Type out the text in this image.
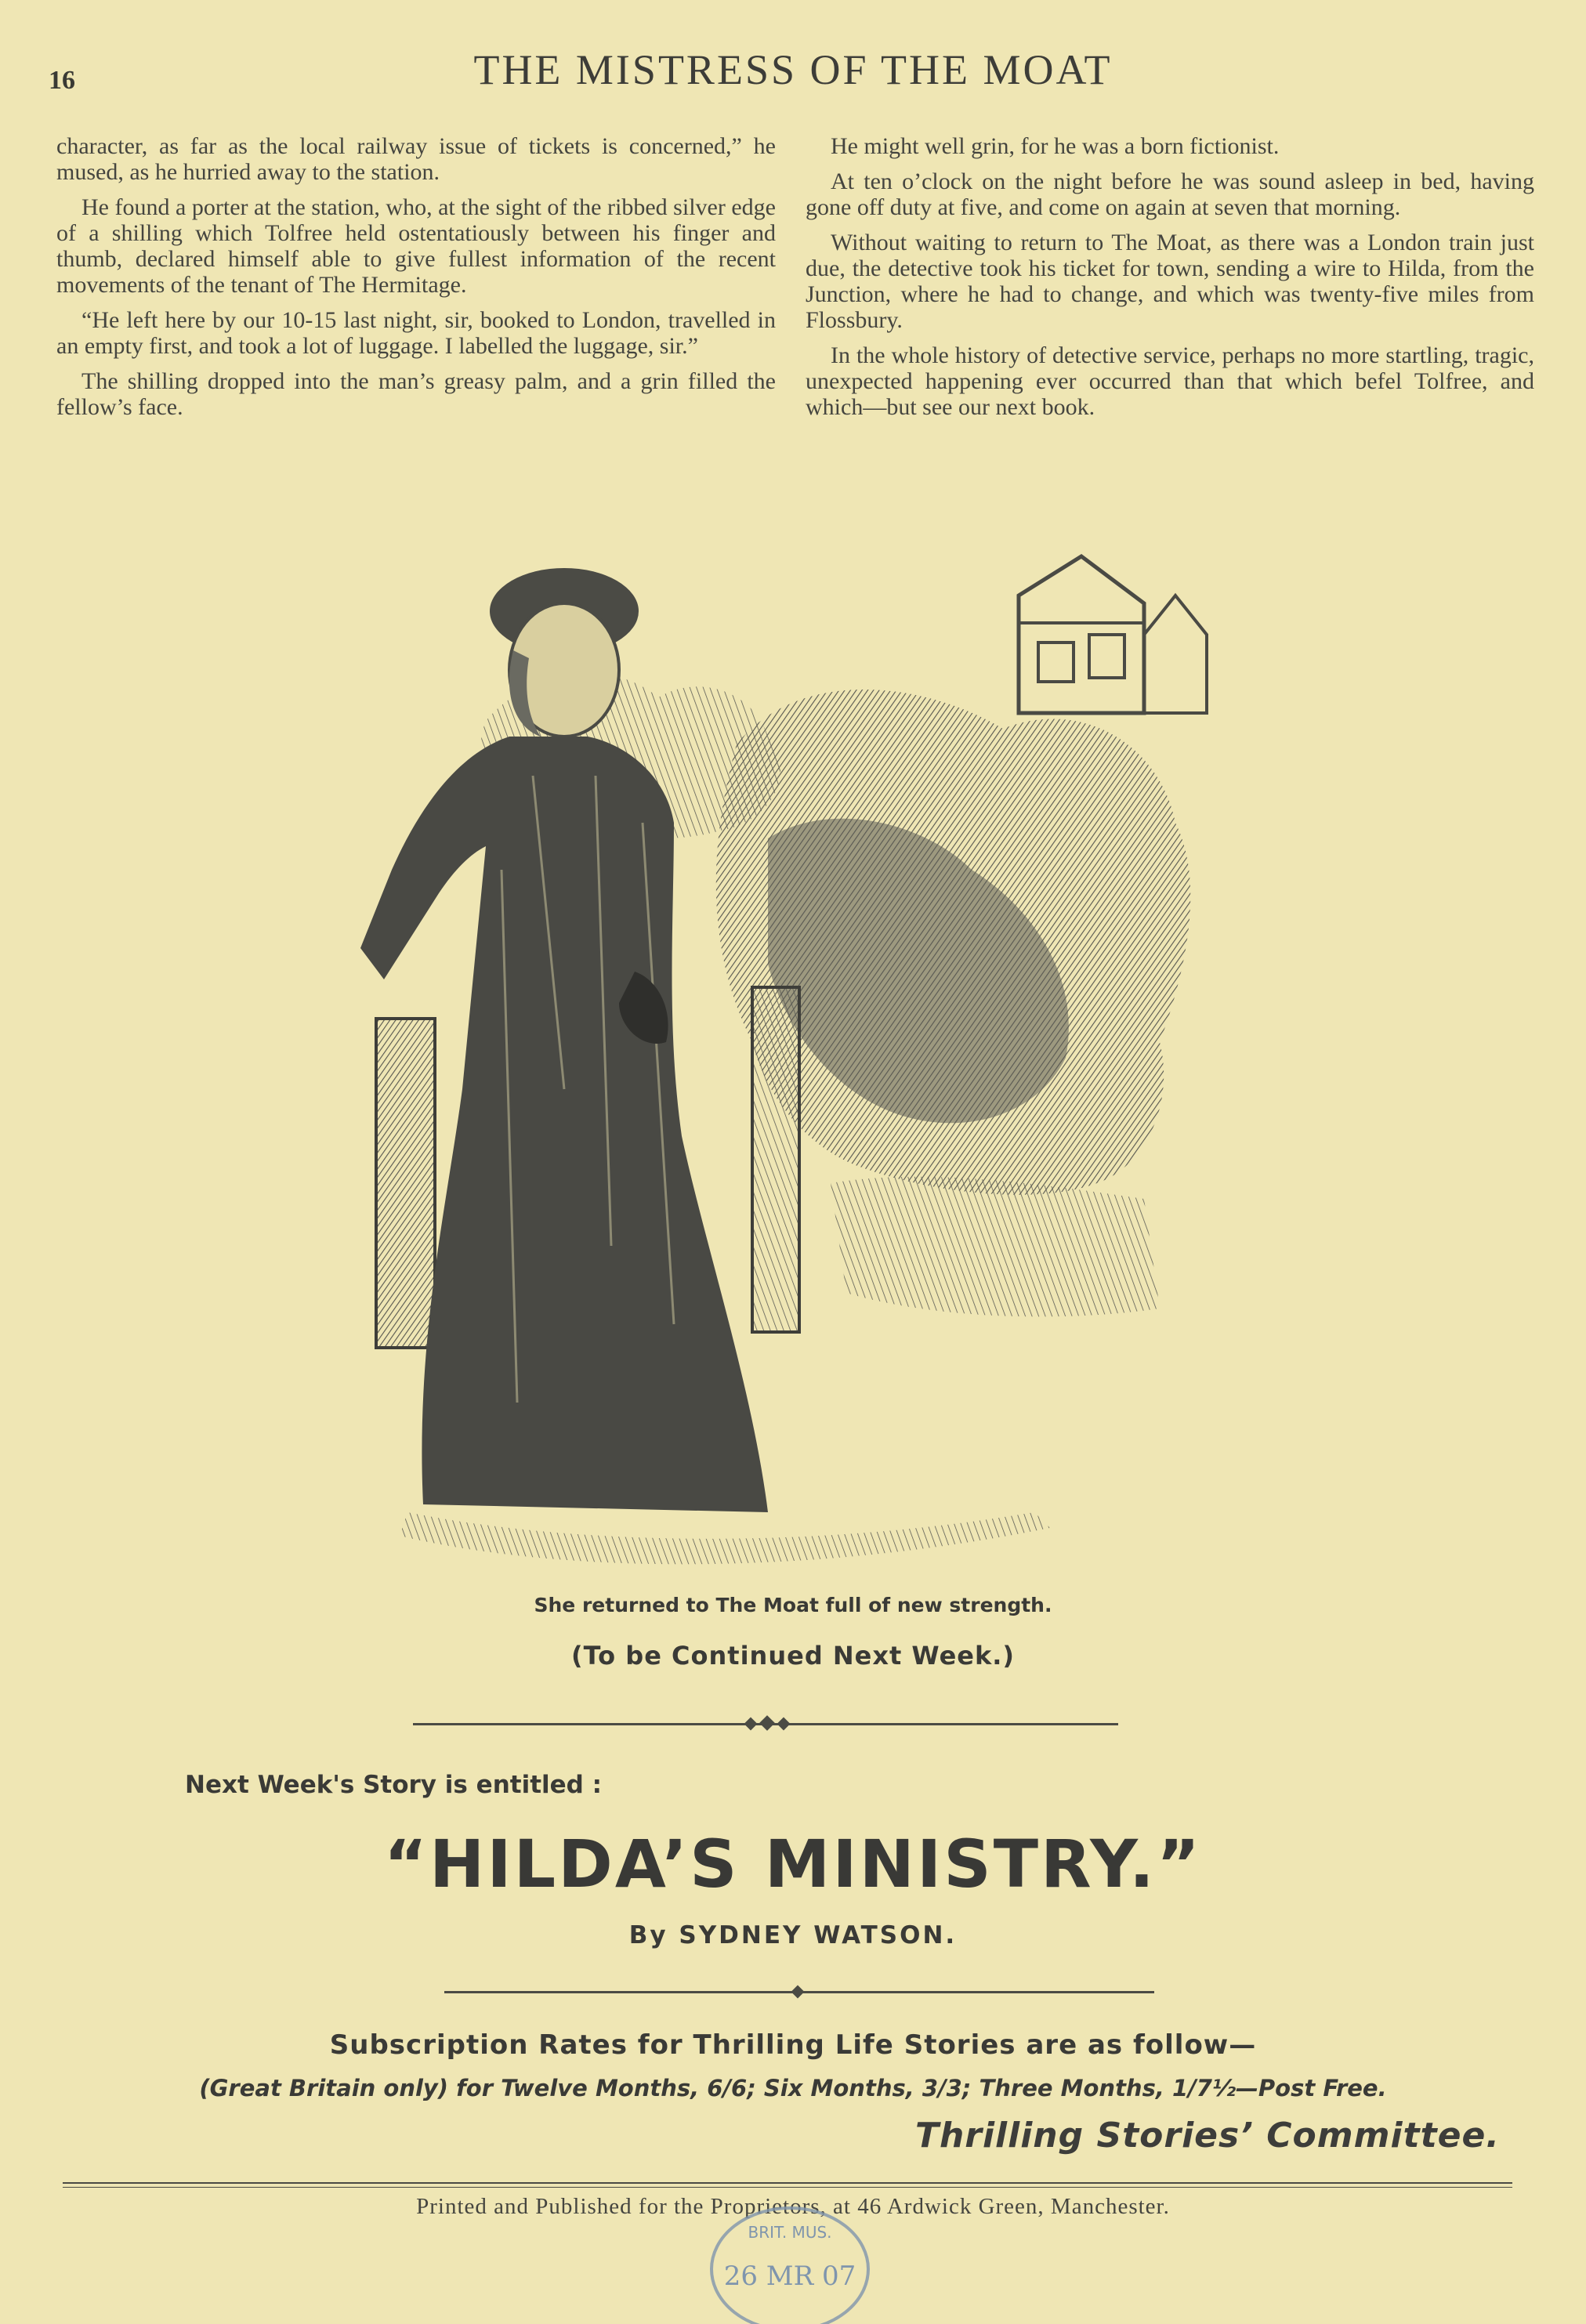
16	THE MISTRESS OF THE MOAT

character, as far as the local railway issue of tickets is concerned,” he mused, as he hurried away to the station.

He found a porter at the station, who, at the sight of the ribbed silver edge of a shilling which Tolfree held ostentatiously between his finger and thumb, declared himself able to give fullest information of the recent movements of the tenant of The Hermitage.

“He left here by our 10-15 last night, sir, booked to London, travelled in an empty first, and took a lot of luggage. I labelled the luggage, sir.”

The shilling dropped into the man’s greasy palm, and a grin filled the fellow’s face.

He might well grin, for he was a born fictionist.

At ten o’clock on the night before he was sound asleep in bed, having gone off duty at five, and come on again at seven that morning.

Without waiting to return to The Moat, as there was a London train just due, the detective took his ticket for town, sending a wire to Hilda, from the Junction, where he had to change, and which was twenty-five miles from Flossbury.

In the whole history of detective service, perhaps no more startling, tragic, unexpected happening ever occurred than that which befel Tolfree, and which—but see our next book.

She returned to The Moat full of new strength.
(To be Continued Next Week.)
Next Week's Story is entitled :
“HILDA’S MINISTRY.”
By SYDNEY WATSON.
Subscription Rates for Thrilling Life Stories are as follow—
(Great Britain only) for Twelve Months, 6/6; Six Months, 3/3; Three Months, 1/7½—Post Free.
Thrilling Stories’ Committee.
Printed and Published for the Proprietors, at 46 Ardwick Green, Manchester.
BRIT. MUS.
26 MR 07
